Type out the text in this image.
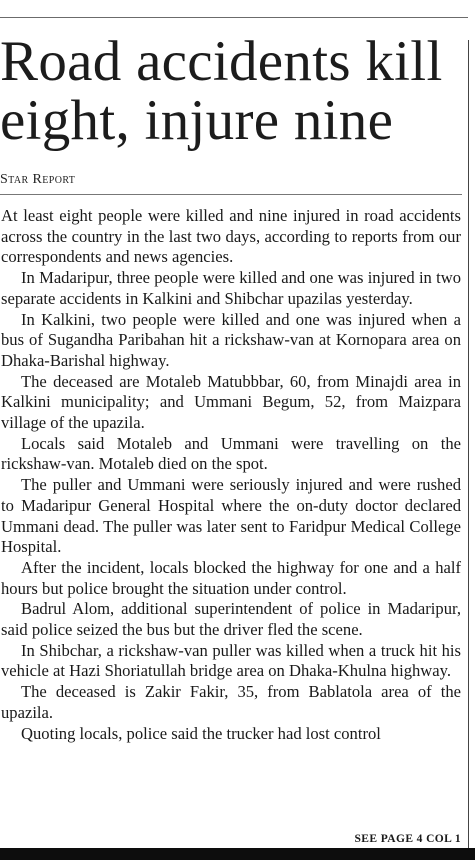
Road accidents kill eight, injure nine
Star Report

At least eight people were killed and nine injured in road accidents across the country in the last two days, according to reports from our correspondents and news agencies.

In Madaripur, three people were killed and one was injured in two separate accidents in Kalkini and Shibchar upazilas yesterday.

In Kalkini, two people were killed and one was injured when a bus of Sugandha Paribahan hit a rickshaw-van at Kornopara area on Dhaka-Barishal highway.

The deceased are Motaleb Matubbbar, 60, from Minajdi area in Kalkini municipality; and Ummani Begum, 52, from Maizpara village of the upazila.

Locals said Motaleb and Ummani were travelling on the rickshaw-van. Motaleb died on the spot.

The puller and Ummani were seriously injured and were rushed to Madaripur General Hospital where the on-duty doctor declared Ummani dead. The puller was later sent to Faridpur Medical College Hospital.

After the incident, locals blocked the highway for one and a half hours but police brought the situation under control.

Badrul Alom, additional superintendent of police in Madaripur, said police seized the bus but the driver fled the scene.

In Shibchar, a rickshaw-van puller was killed when a truck hit his vehicle at Hazi Shoriatullah bridge area on Dhaka-Khulna highway.

The deceased is Zakir Fakir, 35, from Bablatola area of the upazila.

Quoting locals, police said the trucker had lost control

SEE PAGE 4 COL 1
